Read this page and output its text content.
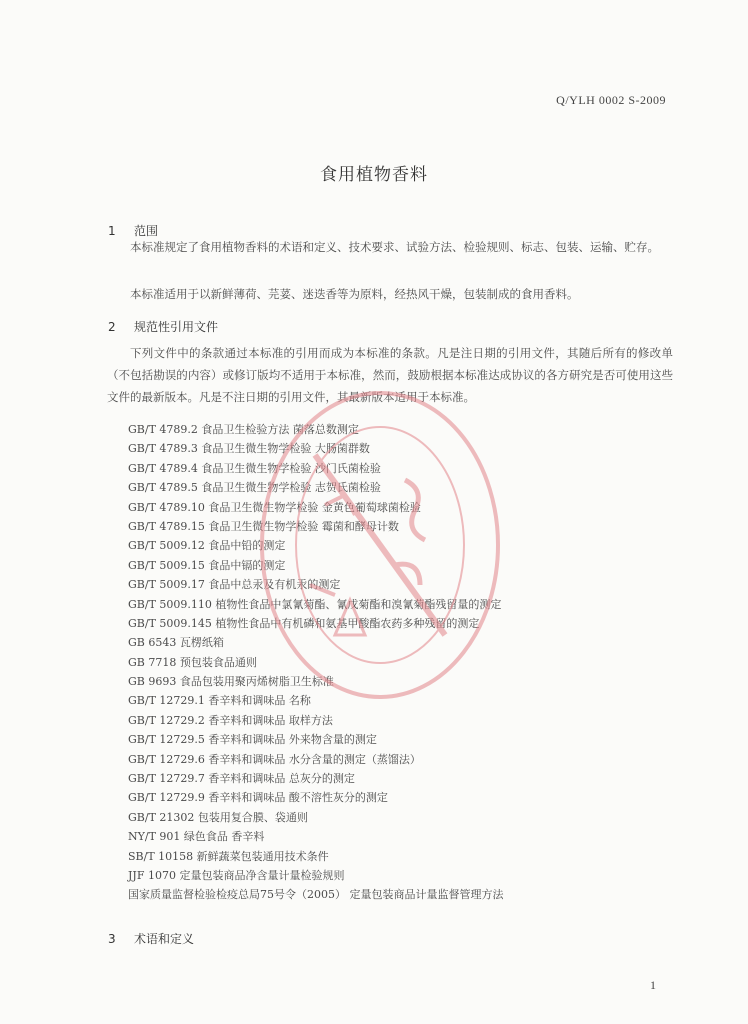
Q/YLH 0002 S-2009
食用植物香料
1 范围

本标准规定了食用植物香料的术语和定义、技术要求、试验方法、检验规则、标志、包装、运输、贮存。

本标准适用于以新鲜薄荷、芫荽、迷迭香等为原料，经热风干燥，包装制成的食用香料。

2 规范性引用文件

下列文件中的条款通过本标准的引用而成为本标准的条款。凡是注日期的引用文件，其随后所有的修改单（不包括勘误的内容）或修订版均不适用于本标准，然而，鼓励根据本标准达成协议的各方研究是否可使用这些文件的最新版本。凡是不注日期的引用文件，其最新版本适用于本标准。

GB/T 4789.2 食品卫生检验方法 菌落总数测定
GB/T 4789.3 食品卫生微生物学检验 大肠菌群数
GB/T 4789.4 食品卫生微生物学检验 沙门氏菌检验
GB/T 4789.5 食品卫生微生物学检验 志贺氏菌检验
GB/T 4789.10 食品卫生微生物学检验 金黄色葡萄球菌检验
GB/T 4789.15 食品卫生微生物学检验 霉菌和酵母计数
GB/T 5009.12 食品中铅的测定
GB/T 5009.15 食品中镉的测定
GB/T 5009.17 食品中总汞及有机汞的测定
GB/T 5009.110 植物性食品中氯氰菊酯、氰戊菊酯和溴氰菊酯残留量的测定
GB/T 5009.145 植物性食品中有机磷和氨基甲酸酯农药多种残留的测定
GB 6543 瓦楞纸箱
GB 7718 预包装食品通则
GB 9693 食品包装用聚丙烯树脂卫生标准
GB/T 12729.1 香辛料和调味品 名称
GB/T 12729.2 香辛料和调味品 取样方法
GB/T 12729.5 香辛料和调味品 外来物含量的测定
GB/T 12729.6 香辛料和调味品 水分含量的测定（蒸馏法）
GB/T 12729.7 香辛料和调味品 总灰分的测定
GB/T 12729.9 香辛料和调味品 酸不溶性灰分的测定
GB/T 21302 包装用复合膜、袋通则
NY/T 901 绿色食品 香辛料
SB/T 10158 新鲜蔬菜包装通用技术条件
JJF 1070 定量包装商品净含量计量检验规则
国家质量监督检验检疫总局75号令（2005） 定量包装商品计量监督管理方法
3 术语和定义
1
